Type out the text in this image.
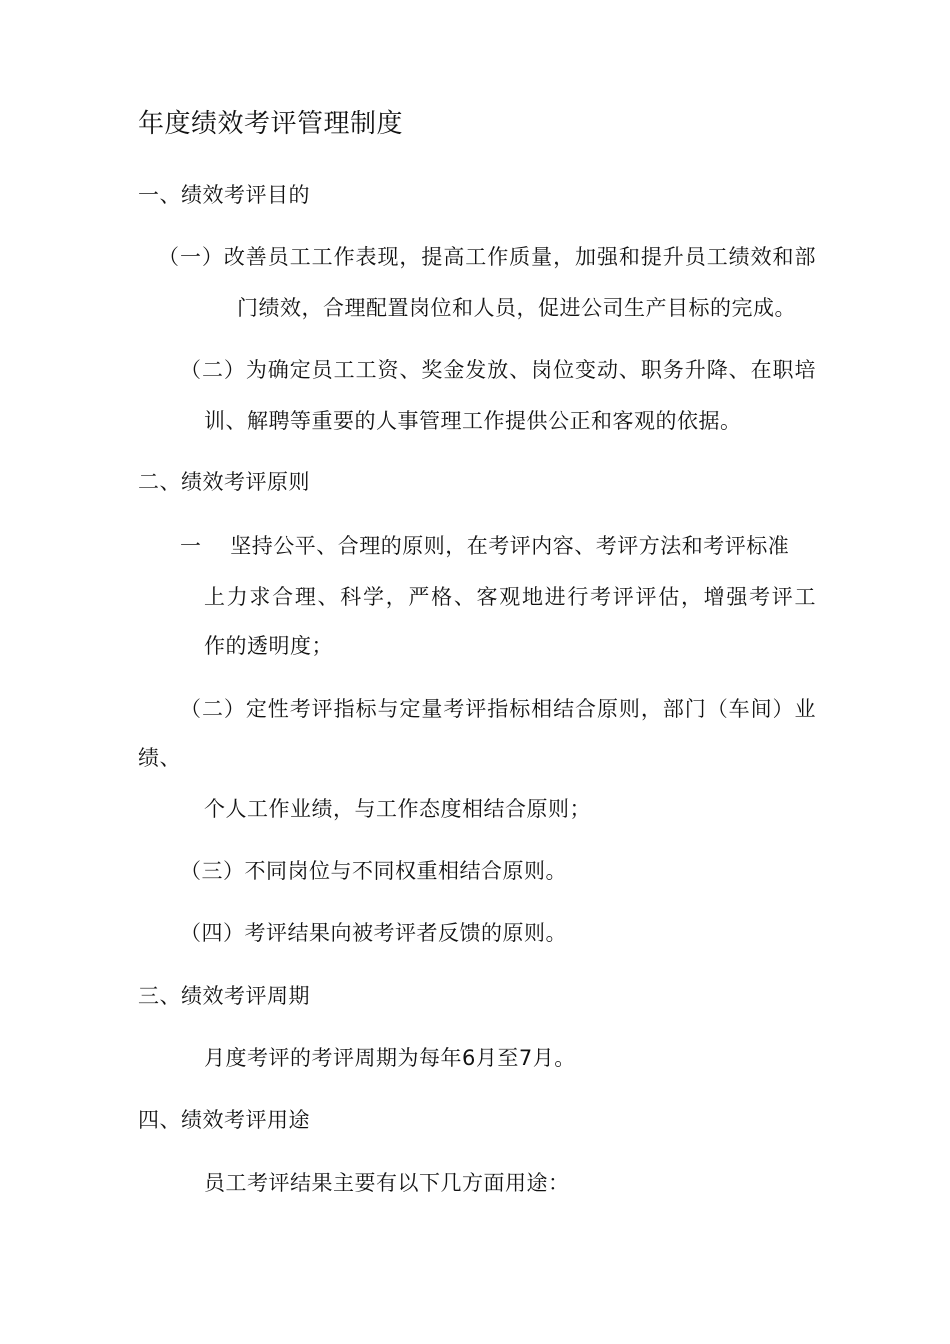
年度绩效考评管理制度
一、绩效考评目的
（一）改善员工工作表现，提高工作质量，加强和提升员工绩效和部
门绩效，合理配置岗位和人员，促进公司生产目标的完成。
（二）为确定员工工资、奖金发放、岗位变动、职务升降、在职培
训、解聘等重要的人事管理工作提供公正和客观的依据。
二、绩效考评原则
一    坚持公平、合理的原则，在考评内容、考评方法和考评标准
上力求合理、科学，严格、客观地进行考评评估，增强考评工
作的透明度；
（二）定性考评指标与定量考评指标相结合原则，部门（车间）业
绩、
个人工作业绩，与工作态度相结合原则；
（三）不同岗位与不同权重相结合原则。
（四）考评结果向被考评者反馈的原则。
三、绩效考评周期
月度考评的考评周期为每年6月至7月。
四、绩效考评用途
员工考评结果主要有以下几方面用途：
